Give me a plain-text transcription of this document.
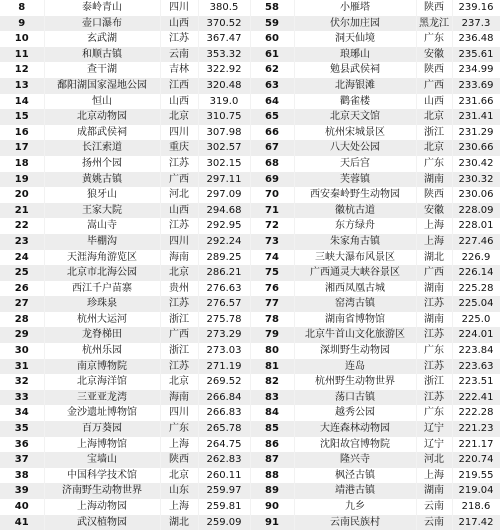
8	泰岭青山	四川	380.5	58	小雁塔	陕西	239.16
9	壶口瀑布	山西	370.52	59	伏尔加庄园	黑龙江	237.3
10	玄武湖	江苏	367.47	60	洞天仙境	广东	236.48
11	和顺古镇	云南	353.32	61	琅琊山	安徽	235.61
12	查干湖	吉林	322.92	62	勉县武侯祠	陕西	234.99
13	鄱阳湖国家湿地公园	江西	320.48	63	北海银滩	广西	233.69
14	恒山	山西	319.0	64	鹳雀楼	山西	231.66
15	北京动物园	北京	310.75	65	北京天文馆	北京	231.41
16	成都武侯祠	四川	307.98	66	杭州宋城景区	浙江	231.29
17	长江索道	重庆	302.57	67	八大处公园	北京	230.66
18	扬州个园	江苏	302.15	68	天后宫	广东	230.42
19	黄姚古镇	广西	297.11	69	芙蓉镇	湖南	230.32
20	狼牙山	河北	297.09	70	西安秦岭野生动物园	陕西	230.06
21	王家大院	山西	294.68	71	徽杭古道	安徽	228.09
22	嵩山寺	江苏	292.95	72	东方绿舟	上海	228.01
23	毕棚沟	四川	292.24	73	朱家角古镇	上海	227.46
24	天涯海角游览区	海南	289.25	74	三峡大瀑布风景区	湖北	226.9
25	北京市北海公园	北京	286.21	75	广西通灵大峡谷景区	广西	226.14
26	西江千户苗寨	贵州	276.63	76	湘西凤凰古城	湖南	225.28
27	珍珠泉	江苏	276.57	77	窑湾古镇	江苏	225.04
28	杭州大运河	浙江	275.78	78	湖南省博物馆	湖南	225.0
29	龙脊梯田	广西	273.29	79	北京牛首山文化旅游区	江苏	224.01
30	杭州乐园	浙江	273.03	80	深圳野生动物园	广东	223.84
31	南京博物院	江苏	271.19	81	连岛	江苏	223.63
32	北京海洋馆	北京	269.52	82	杭州野生动物世界	浙江	223.51
33	三亚亚龙湾	海南	266.84	83	荡口古镇	江苏	222.41
34	金沙遗址博物馆	四川	266.83	84	越秀公园	广东	222.28
35	百万葵园	广东	265.78	85	大连森林动物园	辽宁	221.23
36	上海博物馆	上海	264.75	86	沈阳故宫博物院	辽宁	221.17
37	宝墙山	陕西	262.83	87	隆兴寺	河北	220.74
38	中国科学技术馆	北京	260.11	88	枫泾古镇	上海	219.55
39	济南野生动物世界	山东	259.97	89	靖港古镇	湖南	219.04
40	上海动物园	上海	259.81	90	九乡	云南	218.6
41	武汉植物园	湖北	259.09	91	云南民族村	云南	217.42
